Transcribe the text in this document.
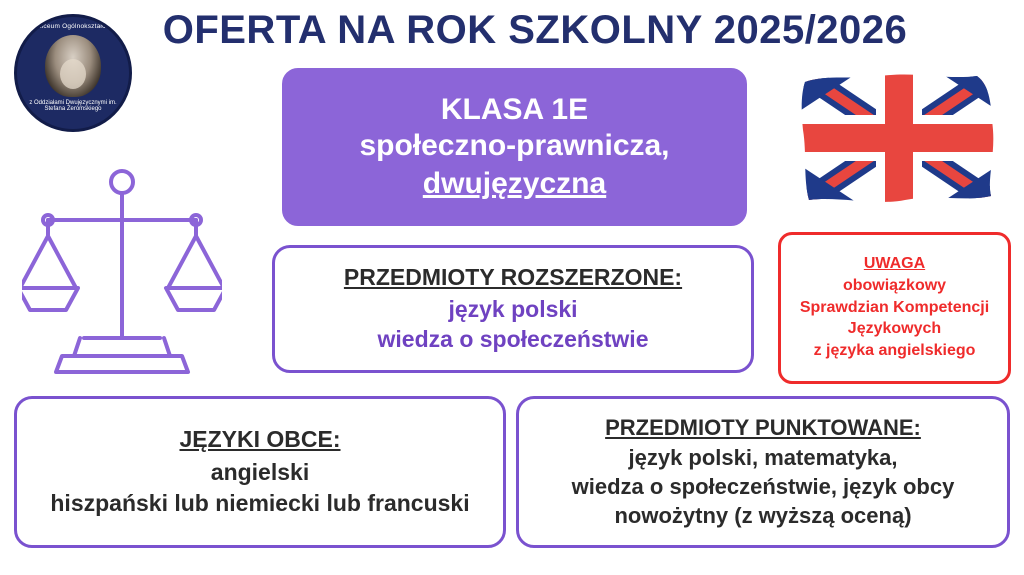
OFERTA NA ROK SZKOLNY 2025/2026
XI Liceum Ogólnokształcące
z Oddziałami Dwujęzycznymi im. Stefana Żeromskiego	KLASA 1E
społeczno-prawnicza,
dwujęzyczna
PRZEDMIOTY ROZSZERZONE:
język polski
wiedza o społeczeństwie
UWAGA
obowiązkowy
Sprawdzian Kompetencji
Językowych
z języka angielskiego
JĘZYKI OBCE:
angielski
hiszpański lub niemiecki lub francuski
PRZEDMIOTY PUNKTOWANE:
język polski, matematyka,
wiedza o społeczeństwie, język obcy
nowożytny (z wyższą oceną)
